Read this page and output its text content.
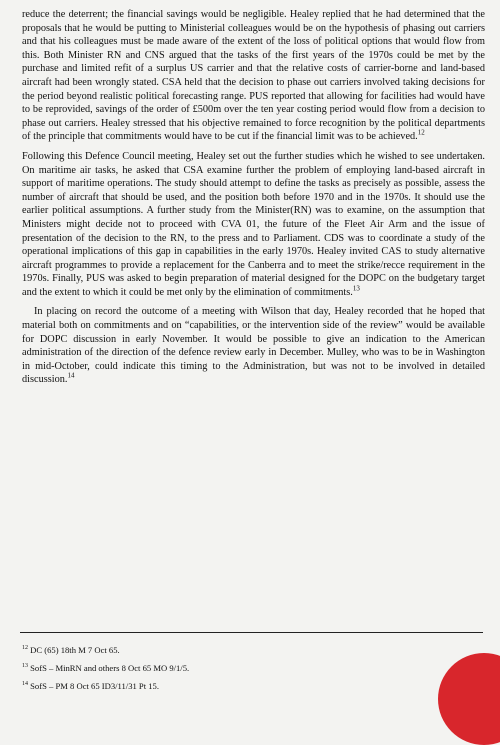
reduce the deterrent; the financial savings would be negligible. Healey replied that he had determined that the proposals that he would be putting to Ministerial colleagues would be on the hypothesis of phasing out carriers and that his colleagues must be made aware of the extent of the loss of political options that would flow from this. Both Minister RN and CNS argued that the tasks of the first years of the 1970s could be met by the purchase and limited refit of a surplus US carrier and that the relative costs of carrier-borne and land-based aircraft had been wrongly stated. CSA held that the decision to phase out carriers involved taking decisions for the period beyond realistic political forecasting range. PUS reported that allowing for facilities had would have to be reprovided, savings of the order of £500m over the ten year costing period would flow from a decision to phase out carriers. Healey stressed that his objective remained to force recognition by the political departments of the principle that commitments would have to be cut if the financial limit was to be achieved.$^{12}$

Following this Defence Council meeting, Healey set out the further studies which he wished to see undertaken. On maritime air tasks, he asked that CSA examine further the problem of employing land-based aircraft in support of maritime operations. The study should attempt to define the tasks as precisely as possible, assess the number of aircraft that should be used, and the position both before 1970 and in the 1970s. It should use the earlier political assumptions. A further study from the Minister(RN) was to examine, on the assumption that Ministers might decide not to proceed with CVA 01, the future of the Fleet Air Arm and the issue of presentation of the decision to the RN, to the press and to Parliament. CDS was to coordinate a study of the operational implications of this gap in capabilities in the early 1970s. Healey invited CAS to study alternative aircraft programmes to provide a replacement for the Canberra and to meet the strike/recce requirement in the 1970s. Finally, PUS was asked to begin preparation of material designed for the DOPC on the budgetary target and the extent to which it could be met only by the elimination of commitments.$^{13}$

In placing on record the outcome of a meeting with Wilson that day, Healey recorded that he hoped that material both on commitments and on “capabilities, or the intervention side of the review” would be available for DOPC discussion in early November. It would be possible to give an indication to the American administration of the direction of the defence review early in December. Mulley, who was to be in Washington in mid-October, could indicate this timing to the Administration, but was not to be involved in detailed discussion.$^{14}$

$^{12}$ DC (65) 18th M 7 Oct 65.
$^{13}$ SofS – MinRN and others 8 Oct 65 MO 9/1/5.
$^{14}$ SofS – PM 8 Oct 65 ID3/11/31 Pt 15.
